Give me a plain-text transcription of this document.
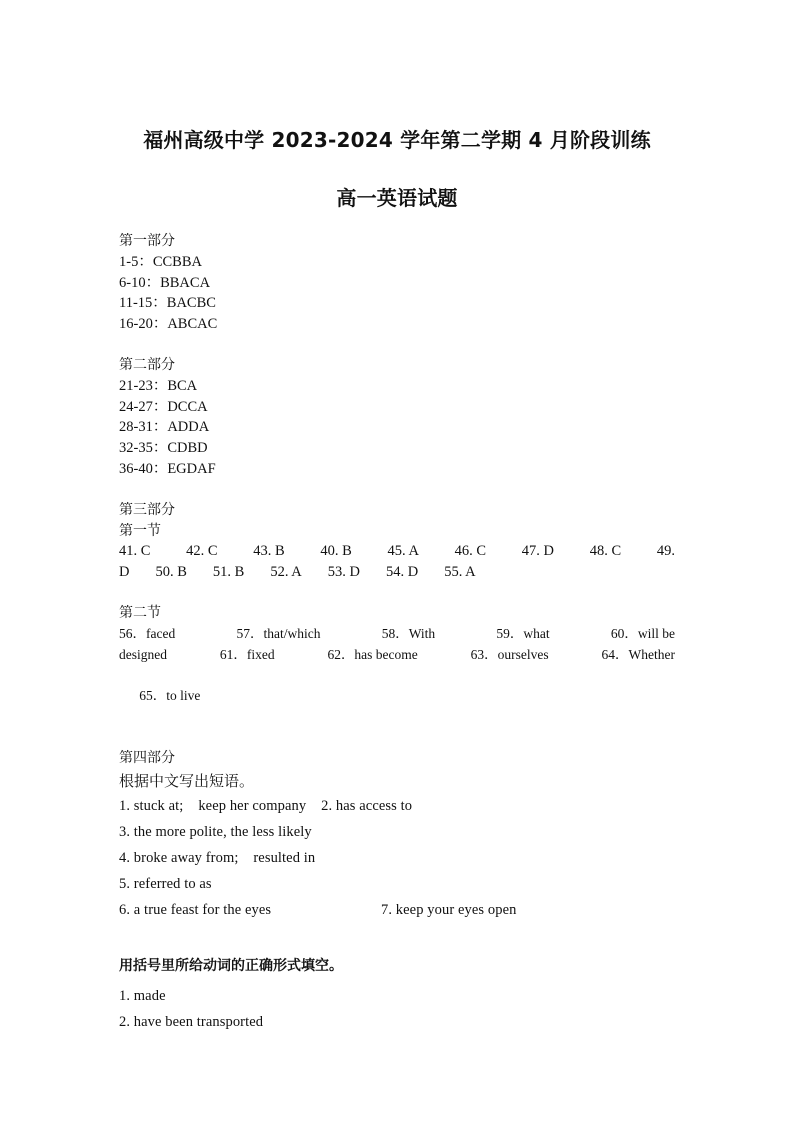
福州高级中学 2023-2024 学年第二学期 4 月阶段训练
高一英语试题
第一部分
1-5：CCBBA
6-10：BBACA
11-15：BACBC
16-20：ABCAC
第二部分
21-23：BCA
24-27：DCCA
28-31：ADDA
32-35：CDBD
36-40：EGDAF
第三部分
第一节
41. C 42. C 43. B 40. B 45. A 46. C 47. D 48. C 49.
D 50. B 51. B 52. A 53. D 54. D 55. A
第二节
56．faced	57．that/which	58．With	59．what	60．will be
designed	61．fixed	62．has become	63．ourselves	64．Whether

65．to live

第四部分
根据中文写出短语。
1. stuck at;    keep her company    2. has access to
3. the more polite, the less likely
4. broke away from;    resulted in
5. referred to as
6. a true feast for the eyes	7. keep your eyes open
用括号里所给动词的正确形式填空。
1. made
2. have been transported
